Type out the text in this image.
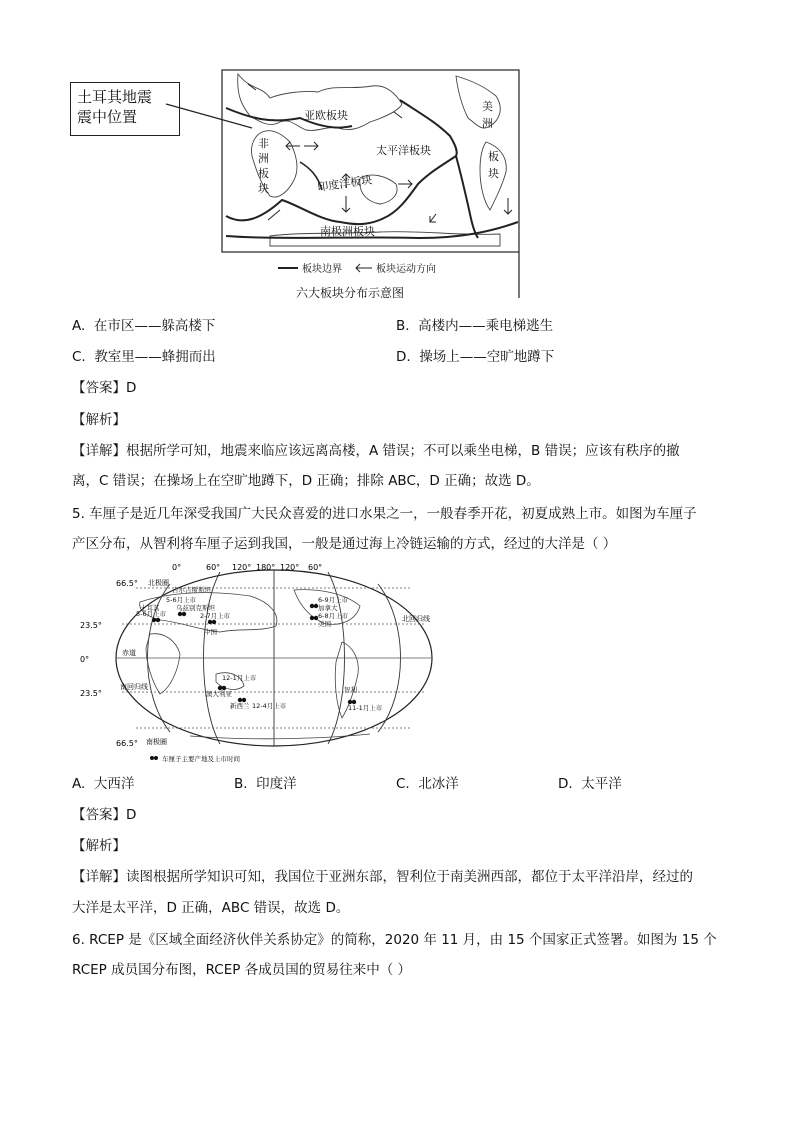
土耳其地震
震中位置	亚欧板块
太平洋板块
印度洋板块
南极洲板块
非
洲
板
块
美
洲
板
块
板块边界	板块运动方向
六大板块分布示意图
A. 在市区——躲高楼下	B. 高楼内——乘电梯逃生
C. 教室里——蜂拥而出	D. 操场上——空旷地蹲下
【答案】D
【解析】
【详解】根据所学可知，地震来临应该远离高楼，A 错误；不可以乘坐电梯，B 错误；应该有秩序的撤
离，C 错误；在操场上在空旷地蹲下，D 正确；排除 ABC，D 正确；故选 D。
5. 车厘子是近几年深受我国广大民众喜爱的进口水果之一，一般春季开花，初夏成熟上市。如图为车厘子
产区分布，从智利将车厘子运到我国，一般是通过海上冷链运输的方式，经过的大洋是（ ）
0°	60° 120° 180° 120° 60°
66.5°
23.5°
0°
23.5°
66.5°
北极圈
北回归线
赤道
南回归线
南极圈
吉尔吉斯斯坦
5-6月上市
乌兹别克斯坦
土耳其
5-6月上市	2-7月上市
中国
6-9月上市
加拿大
6-8月上市
美国
12-1月上市
澳大利亚
新西兰 12-4月上市
智利
11-1月上市
车厘子主要产地及上市时间
A. 大西洋	B. 印度洋	C. 北冰洋	D. 太平洋
【答案】D
【解析】
【详解】读图根据所学知识可知，我国位于亚洲东部，智利位于南美洲西部，都位于太平洋沿岸，经过的
大洋是太平洋，D 正确，ABC 错误，故选 D。
6. RCEP 是《区域全面经济伙伴关系协定》的简称，2020 年 11 月，由 15 个国家正式签署。如图为 15 个
RCEP 成员国分布图，RCEP 各成员国的贸易往来中（ ）
